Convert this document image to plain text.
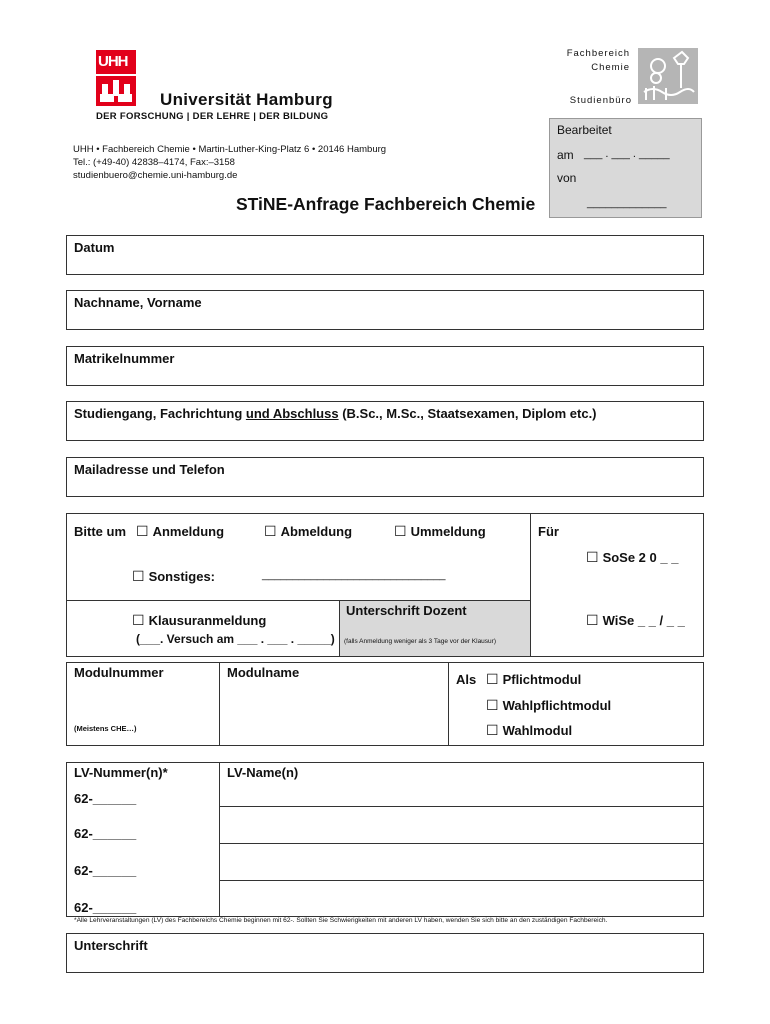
UHH
Universität Hamburg
DER FORSCHUNG | DER LEHRE | DER BILDUNG
UHH • Fachbereich Chemie • Martin-Luther-King-Platz 6 • 20146 Hamburg
Tel.: (+49-40) 42838–4174, Fax:–3158
studienbuero@chemie.uni-hamburg.de
Fachbereich
Chemie
Studienbüro
Bearbeitet
am ___ . ___ . _____
von
_____________
STiNE-Anfrage Fachbereich Chemie
Datum
Nachname, Vorname
Matrikelnummer
Studiengang, Fachrichtung und Abschluss (B.Sc., M.Sc., Staatsexamen, Diplom etc.)
Mailadresse und Telefon
Bitte um ☐ Anmeldung	☐ Abmeldung	☐ Ummeldung
☐ Sonstiges:	______________________________
☐ Klausuranmeldung
(___. Versuch am ___ . ___ . _____)
Unterschrift Dozent
(falls Anmeldung weniger als 3 Tage vor der Klausur)
Für
☐ SoSe 2 0 _ _
☐ WiSe _ _ / _ _
Modulnummer
(Meistens CHE…)
Modulname	Als ☐ Pflichtmodul
☐ Wahlpflichtmodul
☐ Wahlmodul
LV-Nummer(n)*	LV-Name(n)
62-______
62-______
62-______
62-______
*Alle Lehrveranstaltungen (LV) des Fachbereichs Chemie beginnen mit 62-. Sollten Sie Schwierigkeiten mit anderen LV haben, wenden Sie sich bitte an den zuständigen Fachbereich.
Unterschrift
